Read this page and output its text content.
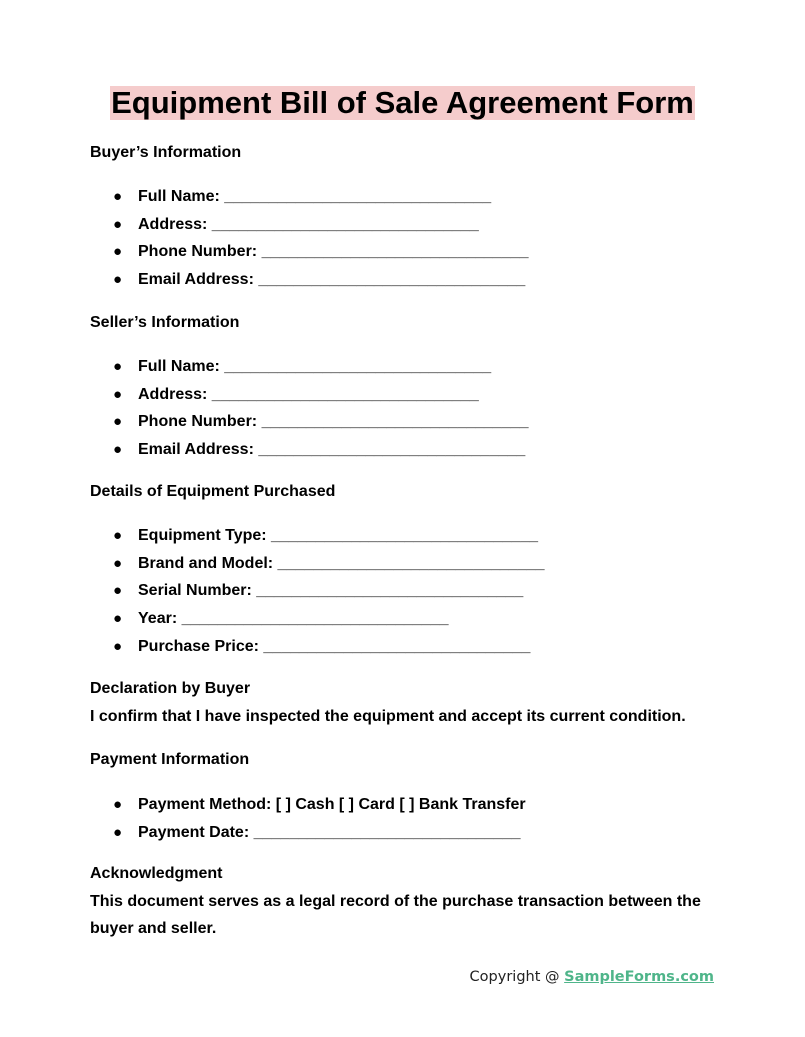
Equipment Bill of Sale Agreement Form
Buyer’s Information
● Full Name: ______________________________
● Address: ______________________________
● Phone Number: ______________________________
● Email Address: ______________________________
Seller’s Information
● Full Name: ______________________________
● Address: ______________________________
● Phone Number: ______________________________
● Email Address: ______________________________
Details of Equipment Purchased
● Equipment Type: ______________________________
● Brand and Model: ______________________________
● Serial Number: ______________________________
● Year: ______________________________
● Purchase Price: ______________________________
Declaration by Buyer
I confirm that I have inspected the equipment and accept its current condition.
Payment Information
● Payment Method: [ ] Cash [ ] Card [ ] Bank Transfer
● Payment Date: ______________________________
Acknowledgment
This document serves as a legal record of the purchase transaction between the buyer and seller.
Copyright @ SampleForms.com
